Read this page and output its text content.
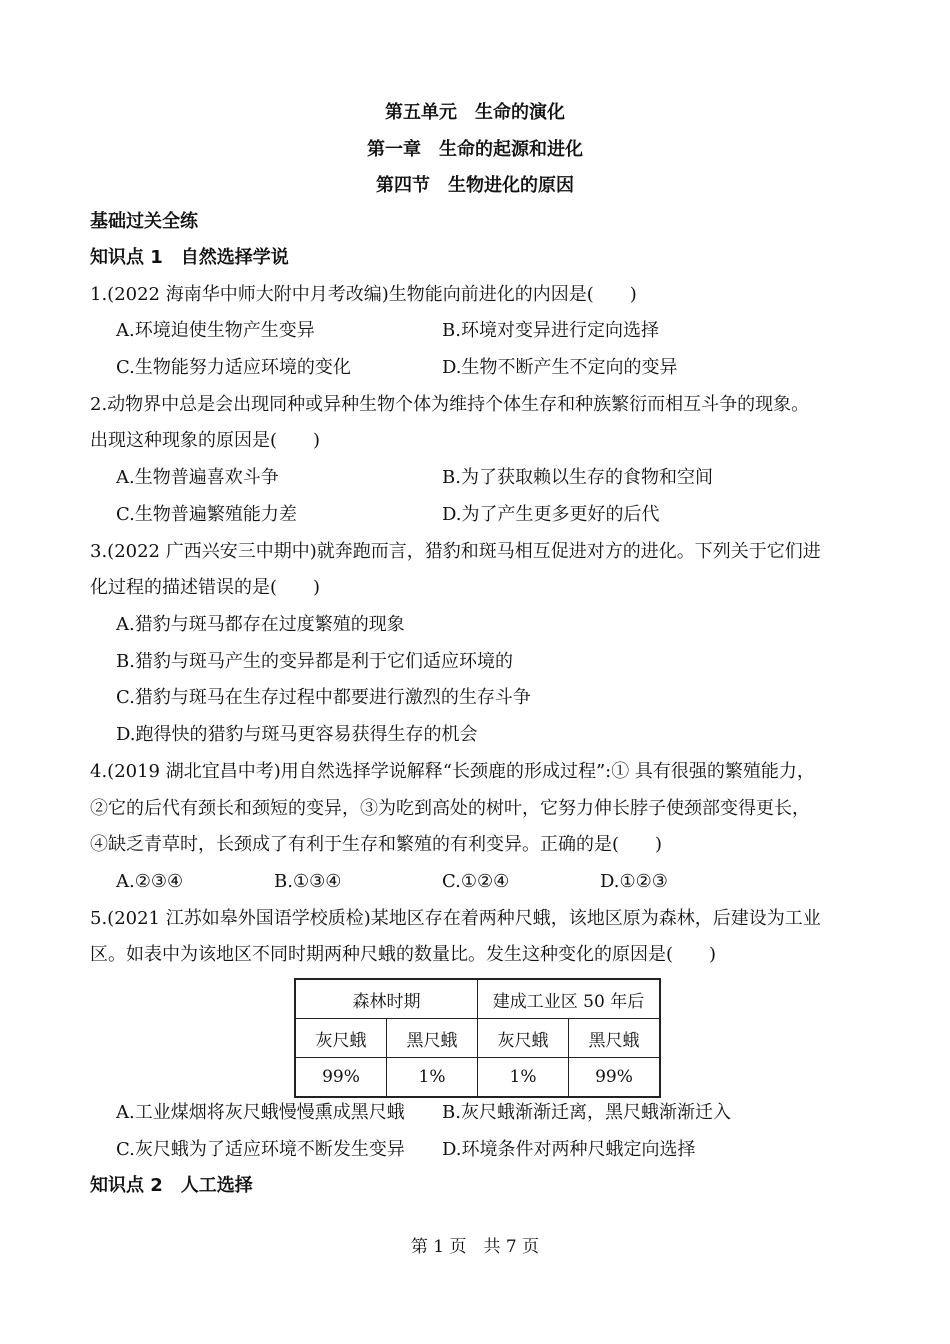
第五单元　生命的演化
第一章　生命的起源和进化
第四节　生物进化的原因
基础过关全练
知识点 1　自然选择学说
1.(2022 海南华中师大附中月考改编)生物能向前进化的内因是(　　)
A.环境迫使生物产生变异	B.环境对变异进行定向选择
C.生物能努力适应环境的变化	D.生物不断产生不定向的变异
2.动物界中总是会出现同种或异种生物个体为维持个体生存和种族繁衍而相互斗争的现象。
出现这种现象的原因是(　　)
A.生物普遍喜欢斗争	B.为了获取赖以生存的食物和空间
C.生物普遍繁殖能力差	D.为了产生更多更好的后代
3.(2022 广西兴安三中期中)就奔跑而言，猎豹和斑马相互促进对方的进化。下列关于它们进
化过程的描述错误的是(　　)
A.猎豹与斑马都存在过度繁殖的现象
B.猎豹与斑马产生的变异都是利于它们适应环境的
C.猎豹与斑马在生存过程中都要进行激烈的生存斗争
D.跑得快的猎豹与斑马更容易获得生存的机会
4.(2019 湖北宜昌中考)用自然选择学说解释“长颈鹿的形成过程”:① 具有很强的繁殖能力，
②它的后代有颈长和颈短的变异，③为吃到高处的树叶，它努力伸长脖子使颈部变得更长，
④缺乏青草时，长颈成了有利于生存和繁殖的有利变异。正确的是(　　)
A.②③④	B.①③④	C.①②④	D.①②③
5.(2021 江苏如皋外国语学校质检)某地区存在着两种尺蛾，该地区原为森林，后建设为工业
区。如表中为该地区不同时期两种尺蛾的数量比。发生这种变化的原因是(　　)
森林时期		建成工业区 50 年后	
灰尺蛾	黑尺蛾	灰尺蛾	黑尺蛾
99%	1%	1%	99%
A.工业煤烟将灰尺蛾慢慢熏成黑尺蛾 B.灰尺蛾渐渐迁离，黑尺蛾渐渐迁入
C.灰尺蛾为了适应环境不断发生变异 D.环境条件对两种尺蛾定向选择
知识点 2　人工选择
第 1 页　共 7 页
